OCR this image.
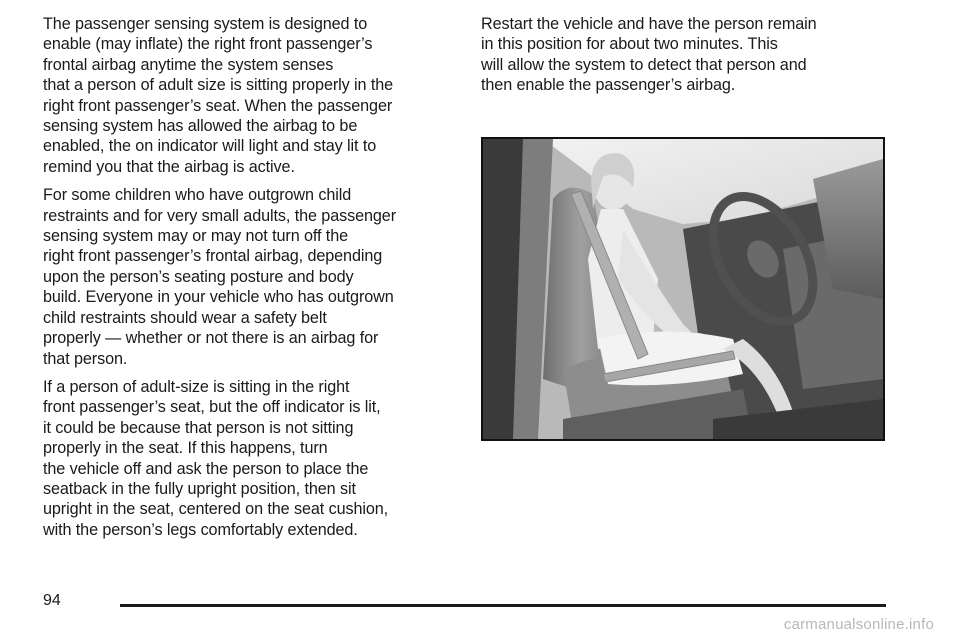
The passenger sensing system is designed to
enable (may inflate) the right front passenger’s
frontal airbag anytime the system senses
that a person of adult size is sitting properly in the
right front passenger’s seat. When the passenger
sensing system has allowed the airbag to be
enabled, the on indicator will light and stay lit to
remind you that the airbag is active.

For some children who have outgrown child
restraints and for very small adults, the passenger
sensing system may or may not turn off the
right front passenger’s frontal airbag, depending
upon the person’s seating posture and body
build. Everyone in your vehicle who has outgrown
child restraints should wear a safety belt
properly — whether or not there is an airbag for
that person.

If a person of adult-size is sitting in the right
front passenger’s seat, but the off indicator is lit,
it could be because that person is not sitting
properly in the seat. If this happens, turn
the vehicle off and ask the person to place the
seatback in the fully upright position, then sit
upright in the seat, centered on the seat cushion,
with the person’s legs comfortably extended.

Restart the vehicle and have the person remain
in this position for about two minutes. This
will allow the system to detect that person and
then enable the passenger’s airbag.

94
carmanualsonline.info
